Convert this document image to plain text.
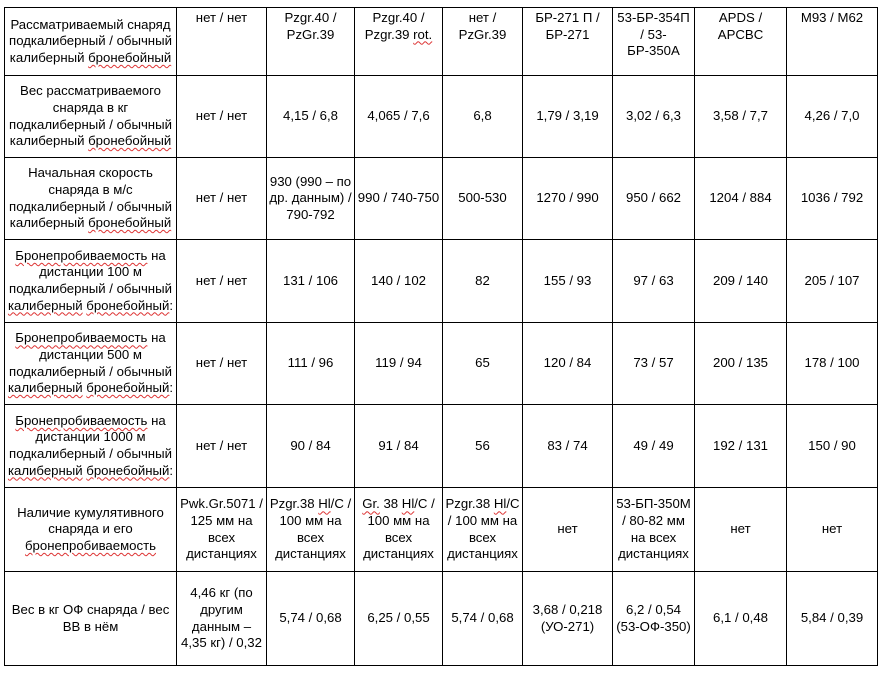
Рассматриваемый снаряд подкалиберный / обычный калиберный бронебойный	нет / нет	Pzgr.40 / PzGr.39	Pzgr.40 / Pzgr.39 rot.	нет / PzGr.39	БР-271 П / БР-271	53-БР-354П / 53-БР-350А	APDS / APCBC	M93 / M62
Вес рассматриваемого снаряда в кг подкалиберный / обычный калиберный бронебойный	нет / нет	4,15 / 6,8	4,065 / 7,6	6,8	1,79 / 3,19	3,02 / 6,3	3,58 / 7,7	4,26 / 7,0
Начальная скорость снаряда в м/с подкалиберный / обычный калиберный бронебойный	нет / нет	930 (990 – по др. данным) / 790-792	990 / 740-750	500-530	1270 / 990	950 / 662	1204 / 884	1036 / 792
Бронепробиваемость на дистанции 100 м подкалиберный / обычный калиберный бронебойный:	нет / нет	131 / 106	140 / 102	82	155 / 93	97 / 63	209 / 140	205 / 107
Бронепробиваемость на дистанции 500 м подкалиберный / обычный калиберный бронебойный:	нет / нет	111 / 96	119 / 94	65	120 / 84	73 / 57	200 / 135	178 / 100
Бронепробиваемость на дистанции 1000 м подкалиберный / обычный калиберный бронебойный:	нет / нет	90 / 84	91 / 84	56	83 / 74	49 / 49	192 / 131	150 / 90
Наличие кумулятивного снаряда и его бронепробиваемость	Pwk.Gr.5071 / 125 мм на всех дистанциях	Pzgr.38 Hl/C / 100 мм на всех дистанциях	Gr. 38 Hl/C / 100 мм на всех дистанциях	Pzgr.38 Hl/C / 100 мм на всех дистанциях	нет	53-БП-350М / 80-82 мм на всех дистанциях	нет	нет
Вес в кг ОФ снаряда / вес ВВ в нём	4,46 кг (по другим данным – 4,35 кг) / 0,32	5,74 / 0,68	6,25 / 0,55	5,74 / 0,68	3,68 / 0,218 (УО-271)	6,2 / 0,54 (53-ОФ-350)	6,1 / 0,48	5,84 / 0,39
